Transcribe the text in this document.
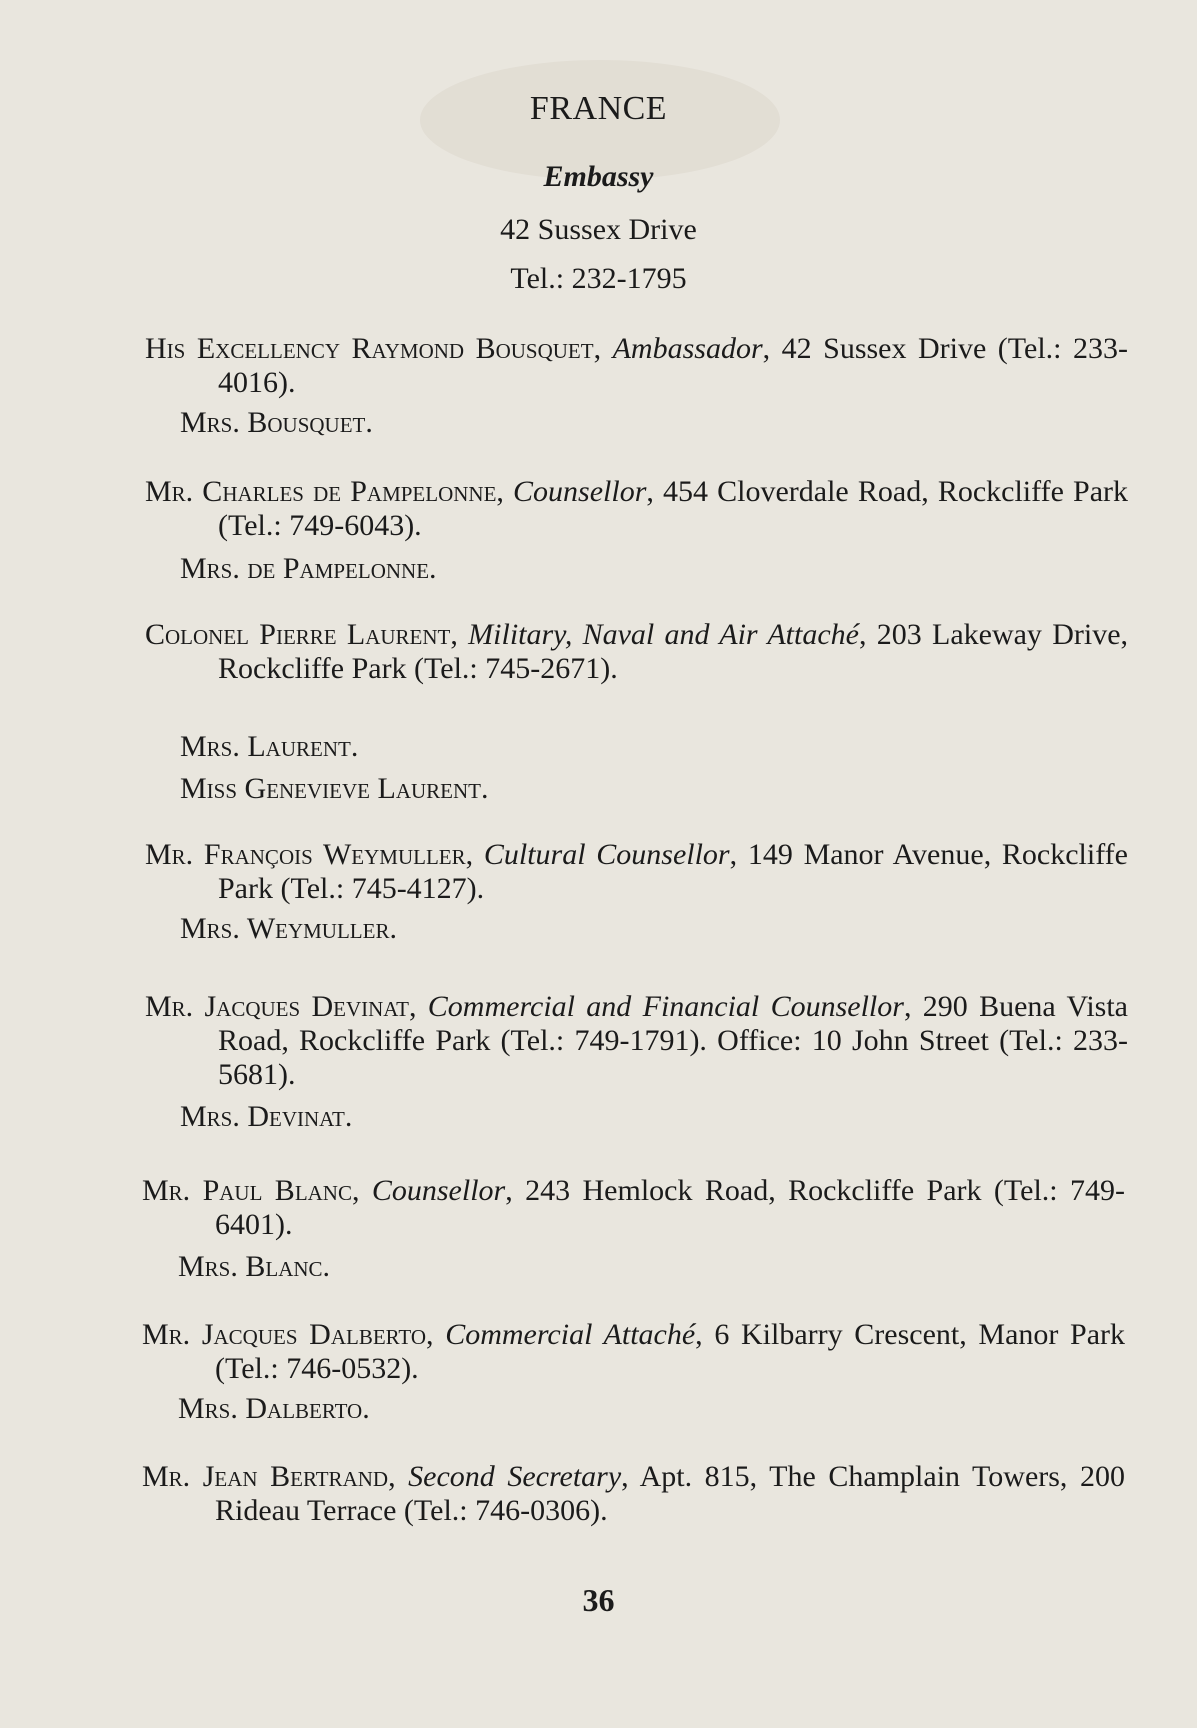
FRANCE
Embassy
42 Sussex Drive
Tel.: 232-1795

His Excellency Raymond Bousquet, Ambassador, 42 Sussex Drive (Tel.: 233-4016).

Mrs. Bousquet.

Mr. Charles de Pampelonne, Counsellor, 454 Cloverdale Road, Rockcliffe Park (Tel.: 749-6043).

Mrs. de Pampelonne.

Colonel Pierre Laurent, Military, Naval and Air Attaché, 203 Lakeway Drive, Rockcliffe Park (Tel.: 745-2671).

Mrs. Laurent.

Miss Genevieve Laurent.

Mr. François Weymuller, Cultural Counsellor, 149 Manor Avenue, Rockcliffe Park (Tel.: 745-4127).

Mrs. Weymuller.

Mr. Jacques Devinat, Commercial and Financial Counsellor, 290 Buena Vista Road, Rockcliffe Park (Tel.: 749-1791). Office: 10 John Street (Tel.: 233-5681).

Mrs. Devinat.

Mr. Paul Blanc, Counsellor, 243 Hemlock Road, Rockcliffe Park (Tel.: 749-6401).

Mrs. Blanc.

Mr. Jacques Dalberto, Commercial Attaché, 6 Kilbarry Crescent, Manor Park (Tel.: 746-0532).

Mrs. Dalberto.

Mr. Jean Bertrand, Second Secretary, Apt. 815, The Champlain Towers, 200 Rideau Terrace (Tel.: 746-0306).

36
